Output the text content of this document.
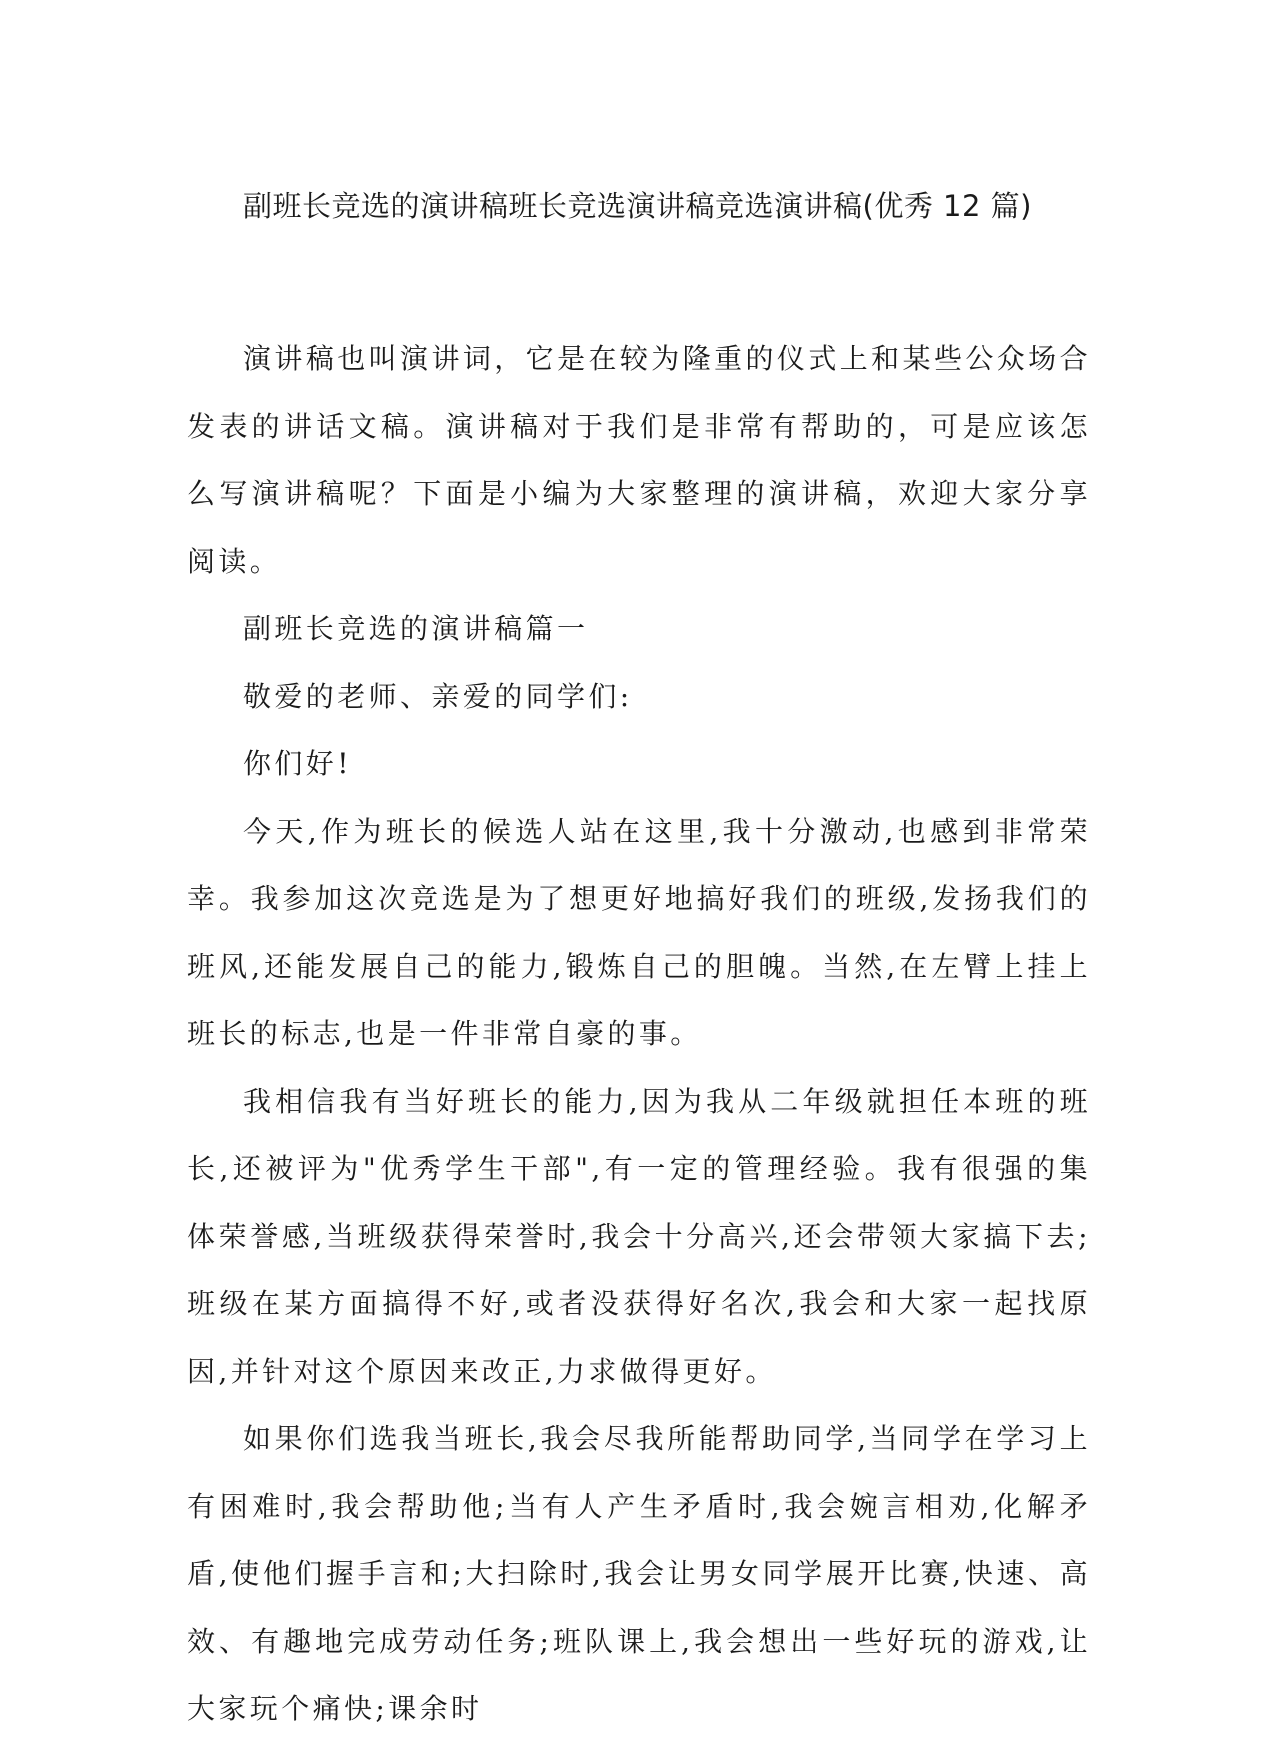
副班长竞选的演讲稿班长竞选演讲稿竞选演讲稿(优秀 12 篇)

演讲稿也叫演讲词，它是在较为隆重的仪式上和某些公众场合发表的讲话文稿。演讲稿对于我们是非常有帮助的，可是应该怎么写演讲稿呢？下面是小编为大家整理的演讲稿，欢迎大家分享阅读。

副班长竞选的演讲稿篇一

敬爱的老师、亲爱的同学们:

你们好!

今天,作为班长的候选人站在这里,我十分激动,也感到非常荣幸。我参加这次竞选是为了想更好地搞好我们的班级,发扬我们的班风,还能发展自己的能力,锻炼自己的胆魄。当然,在左臂上挂上班长的标志,也是一件非常自豪的事。

我相信我有当好班长的能力,因为我从二年级就担任本班的班长,还被评为"优秀学生干部",有一定的管理经验。我有很强的集体荣誉感,当班级获得荣誉时,我会十分高兴,还会带领大家搞下去;班级在某方面搞得不好,或者没获得好名次,我会和大家一起找原因,并针对这个原因来改正,力求做得更好。

如果你们选我当班长,我会尽我所能帮助同学,当同学在学习上有困难时,我会帮助他;当有人产生矛盾时,我会婉言相劝,化解矛盾,使他们握手言和;大扫除时,我会让男女同学展开比赛,快速、高效、有趣地完成劳动任务;班队课上,我会想出一些好玩的游戏,让大家玩个痛快;课余时
